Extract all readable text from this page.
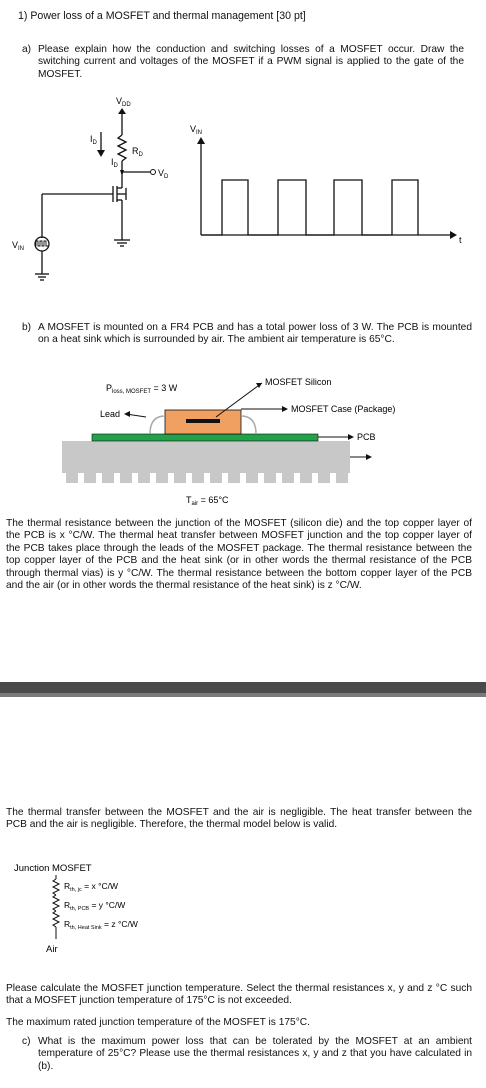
1) Power loss of a MOSFET and thermal management [30 pt]
a) Please explain how the conduction and switching losses of a MOSFET occur. Draw the switching current and voltages of the MOSFET if a PWM signal is applied to the gate of the MOSFET.
$V_{DD}$
$R_D$
$I_D$
$I_D$
$V_D$
$V_{IN}$
$V_{IN}$
t
b) A MOSFET is mounted on a FR4 PCB and has a total power loss of 3 W. The PCB is mounted on a heat sink which is surrounded by air. The ambient air temperature is 65°C.
$P_{loss, MOSFET} = 3$ W
MOSFET Silicon
MOSFET Case (Package)
Lead
PCB
$T_{air} = 65^\circ C$
The thermal resistance between the junction of the MOSFET (silicon die) and the top copper layer of the PCB is x °C/W. The thermal heat transfer between MOSFET junction and the top copper layer of the PCB takes place through the leads of the MOSFET package. The thermal resistance between the top copper layer of the PCB and the heat sink (or in other words the thermal resistance of the PCB through thermal vias) is y °C/W. The thermal resistance between the bottom copper layer of the PCB and the air (or in other words the thermal resistance of the heat sink) is z °C/W.
The thermal transfer between the MOSFET and the air is negligible. The heat transfer between the PCB and the air is negligible. Therefore, the thermal model below is valid.
Junction MOSFET
$R_{th, jc} = x$ °C/W
$R_{th, PCB} = y$ °C/W
$R_{th, Heat Sink} = z$ °C/W
Air
Please calculate the MOSFET junction temperature. Select the thermal resistances x, y and z °C such that a MOSFET junction temperature of 175°C is not exceeded.
The maximum rated junction temperature of the MOSFET is 175°C.
c) What is the maximum power loss that can be tolerated by the MOSFET at an ambient temperature of 25°C? Please use the thermal resistances x, y and z that you have calculated in (b).
